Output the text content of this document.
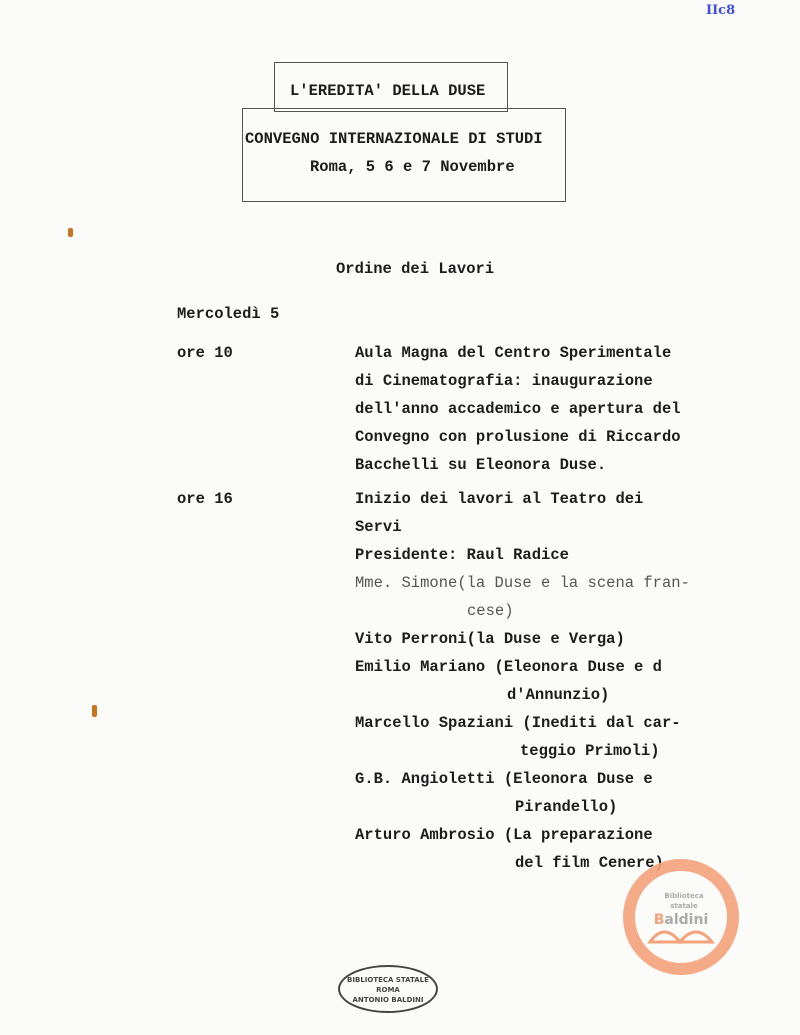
IIc8
L'EREDITA' DELLA DUSE
CONVEGNO INTERNAZIONALE DI STUDI
Roma, 5 6 e 7 Novembre
Ordine dei Lavori
Mercoledì 5
ore 10	Aula Magna del Centro Sperimentale
di Cinematografia: inaugurazione
dell'anno accademico e apertura del
Convegno con prolusione di Riccardo
Bacchelli su Eleonora Duse.
ore 16	Inizio dei lavori al Teatro dei
Servi
Presidente: Raul Radice
Mme. Simone(la Duse e la scena fran-
cese)
Vito Perroni(la Duse e Verga)
Emilio Mariano (Eleonora Duse e d
d'Annunzio)
Marcello Spaziani (Inediti dal car-
teggio Primoli)
G.B. Angioletti (Eleonora Duse e
Pirandello)
Arturo Ambrosio (La preparazione
del film Cenere)
BIBLIOTECA STATALE
ROMA
ANTONIO BALDINI
Biblioteca
statale
Baldini
